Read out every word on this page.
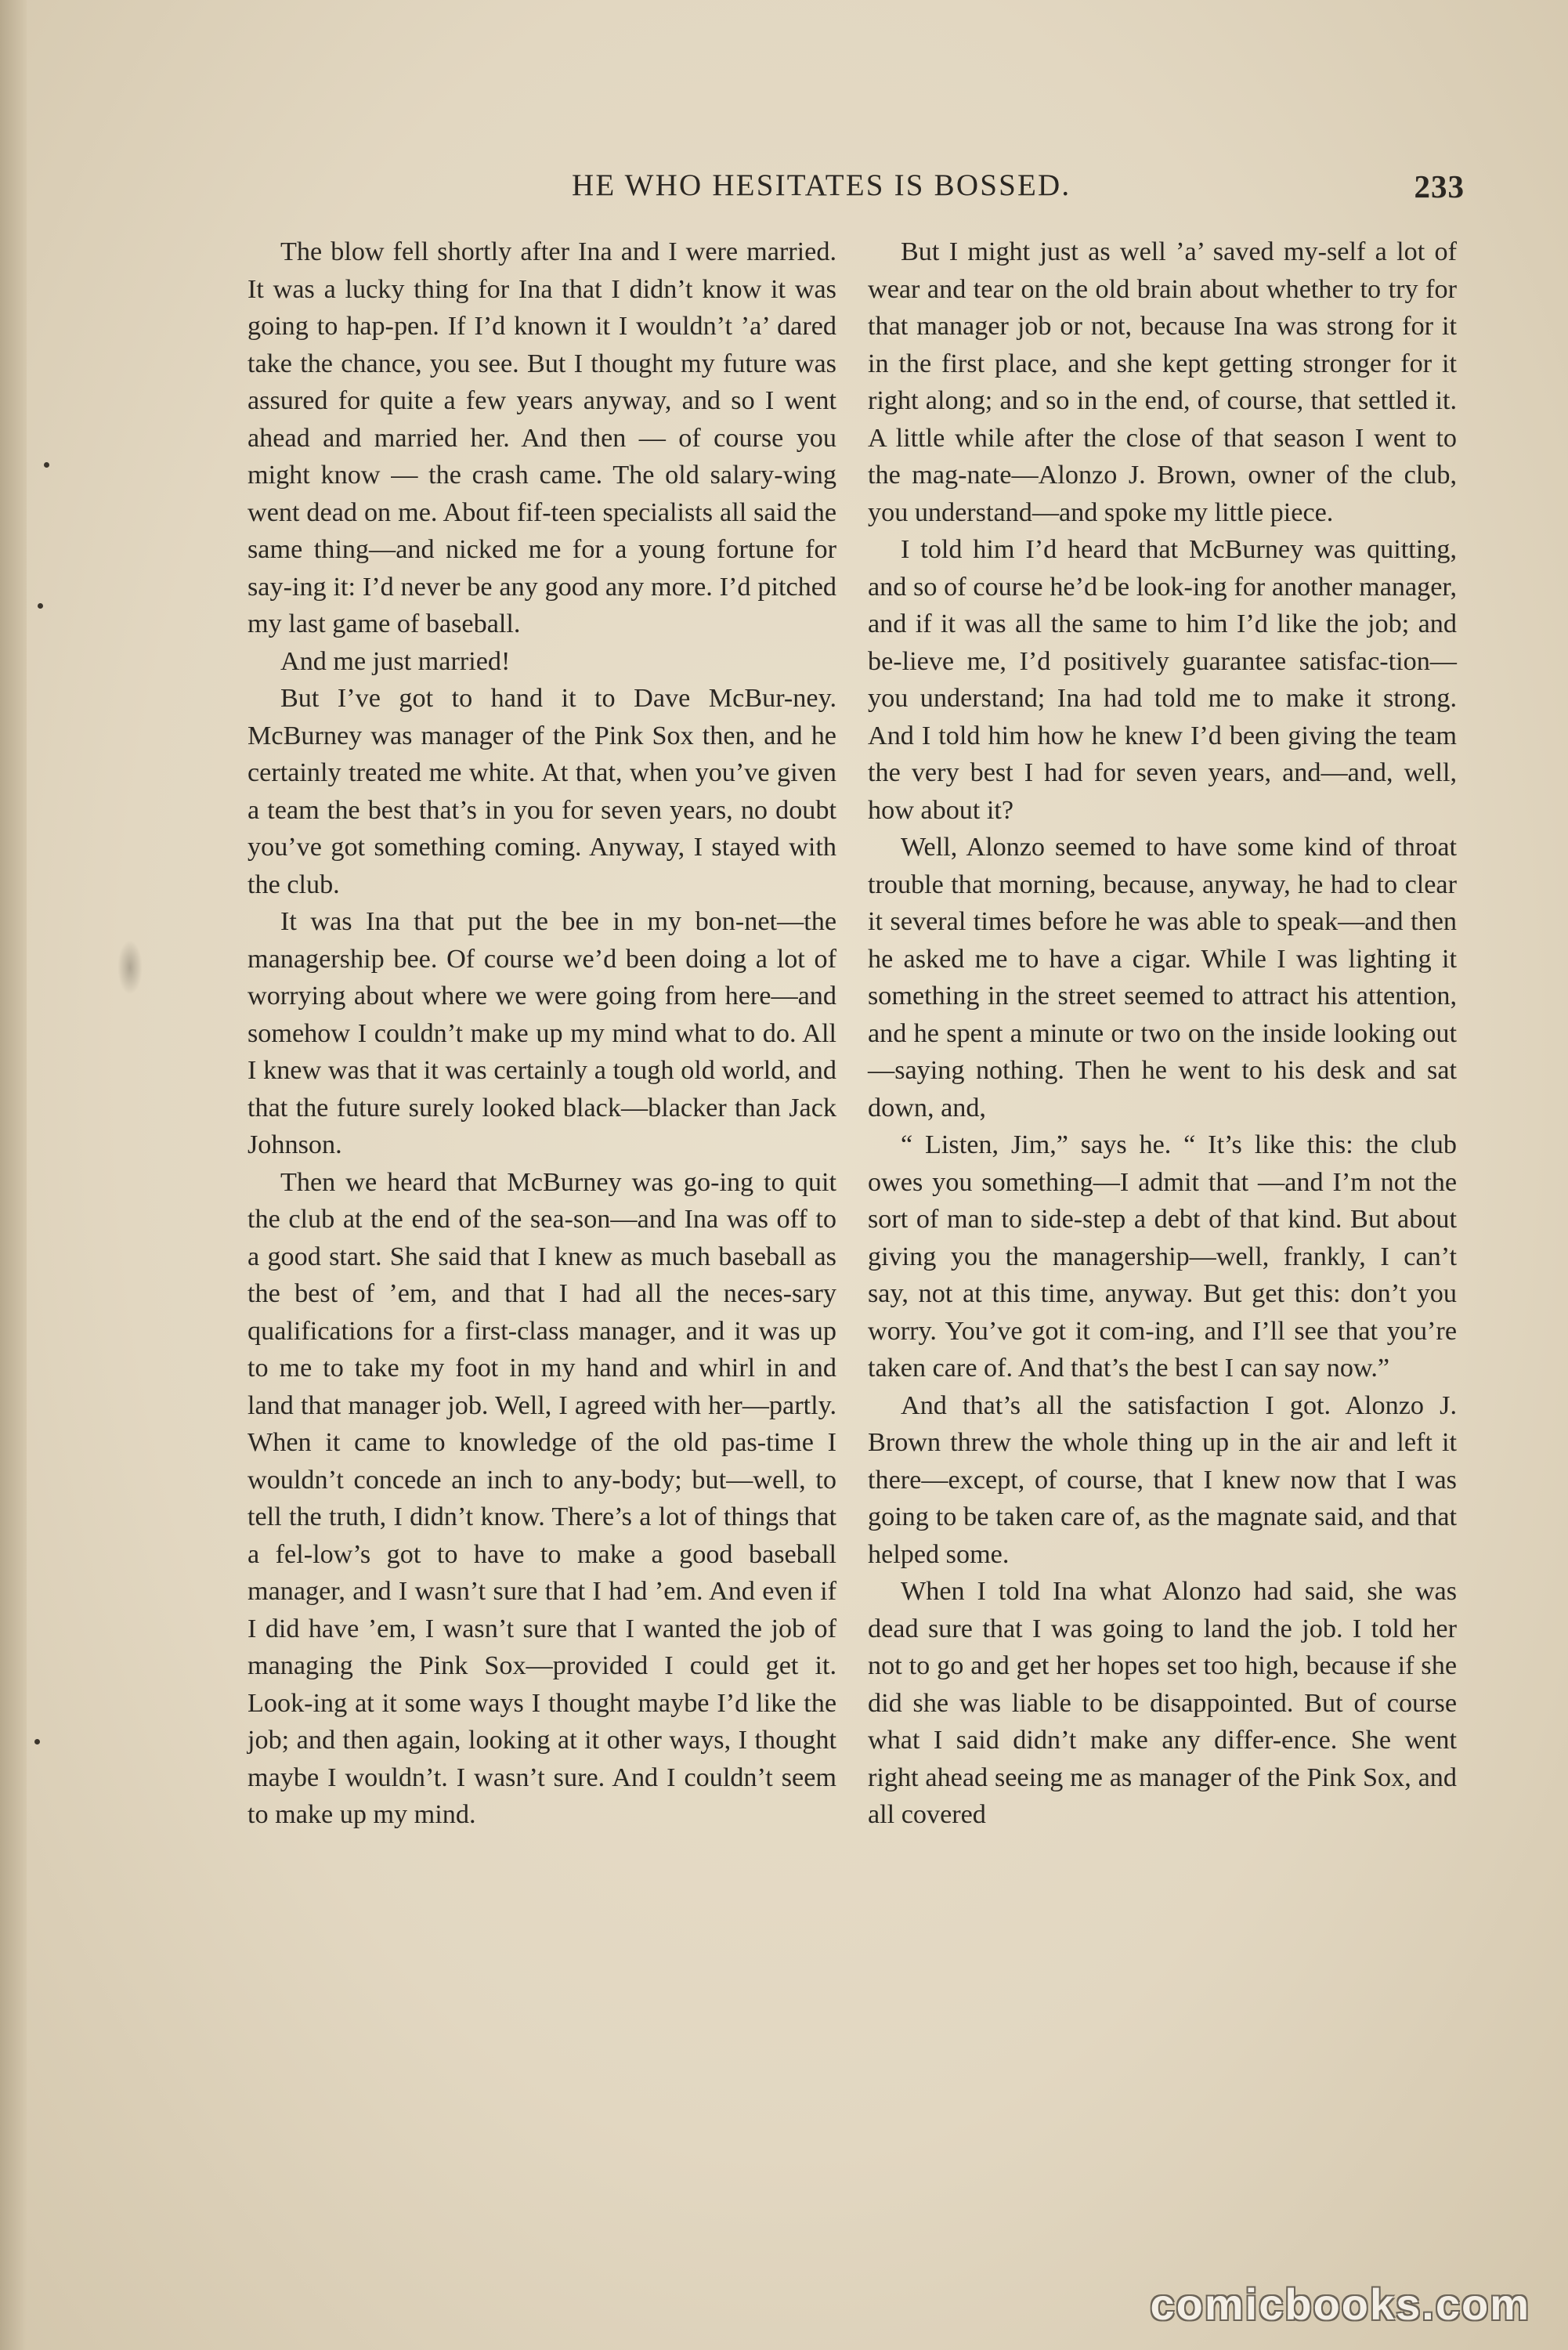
HE WHO HESITATES IS BOSSED.	233

The blow fell shortly after Ina and I were married. It was a lucky thing for Ina that I didn’t know it was going to hap-pen. If I’d known it I wouldn’t ’a’ dared take the chance, you see. But I thought my future was assured for quite a few years anyway, and so I went ahead and married her. And then — of course you might know — the crash came. The old salary-wing went dead on me. About fif-teen specialists all said the same thing—and nicked me for a young fortune for say-ing it: I’d never be any good any more. I’d pitched my last game of baseball.

And me just married!

But I’ve got to hand it to Dave McBur-ney. McBurney was manager of the Pink Sox then, and he certainly treated me white. At that, when you’ve given a team the best that’s in you for seven years, no doubt you’ve got something coming. Anyway, I stayed with the club.

It was Ina that put the bee in my bon-net—the managership bee. Of course we’d been doing a lot of worrying about where we were going from here—and somehow I couldn’t make up my mind what to do. All I knew was that it was certainly a tough old world, and that the future surely looked black—blacker than Jack Johnson.

Then we heard that McBurney was go-ing to quit the club at the end of the sea-son—and Ina was off to a good start. She said that I knew as much baseball as the best of ’em, and that I had all the neces-sary qualifications for a first-class manager, and it was up to me to take my foot in my hand and whirl in and land that manager job. Well, I agreed with her—partly. When it came to knowledge of the old pas-time I wouldn’t concede an inch to any-body; but—well, to tell the truth, I didn’t know. There’s a lot of things that a fel-low’s got to have to make a good baseball manager, and I wasn’t sure that I had ’em. And even if I did have ’em, I wasn’t sure that I wanted the job of managing the Pink Sox—provided I could get it. Look-ing at it some ways I thought maybe I’d like the job; and then again, looking at it other ways, I thought maybe I wouldn’t. I wasn’t sure. And I couldn’t seem to make up my mind.

But I might just as well ’a’ saved my-self a lot of wear and tear on the old brain about whether to try for that manager job or not, because Ina was strong for it in the first place, and she kept getting stronger for it right along; and so in the end, of course, that settled it. A little while after the close of that season I went to the mag-nate—Alonzo J. Brown, owner of the club, you understand—and spoke my little piece.

I told him I’d heard that McBurney was quitting, and so of course he’d be look-ing for another manager, and if it was all the same to him I’d like the job; and be-lieve me, I’d positively guarantee satisfac-tion—you understand; Ina had told me to make it strong. And I told him how he knew I’d been giving the team the very best I had for seven years, and—and, well, how about it?

Well, Alonzo seemed to have some kind of throat trouble that morning, because, anyway, he had to clear it several times before he was able to speak—and then he asked me to have a cigar. While I was lighting it something in the street seemed to attract his attention, and he spent a minute or two on the inside looking out—saying nothing. Then he went to his desk and sat down, and,

“ Listen, Jim,” says he. “ It’s like this: the club owes you something—I admit that —and I’m not the sort of man to side-step a debt of that kind. But about giving you the managership—well, frankly, I can’t say, not at this time, anyway. But get this: don’t you worry. You’ve got it com-ing, and I’ll see that you’re taken care of. And that’s the best I can say now.”

And that’s all the satisfaction I got. Alonzo J. Brown threw the whole thing up in the air and left it there—except, of course, that I knew now that I was going to be taken care of, as the magnate said, and that helped some.

When I told Ina what Alonzo had said, she was dead sure that I was going to land the job. I told her not to go and get her hopes set too high, because if she did she was liable to be disappointed. But of course what I said didn’t make any differ-ence. She went right ahead seeing me as manager of the Pink Sox, and all covered

comicbooks.com
